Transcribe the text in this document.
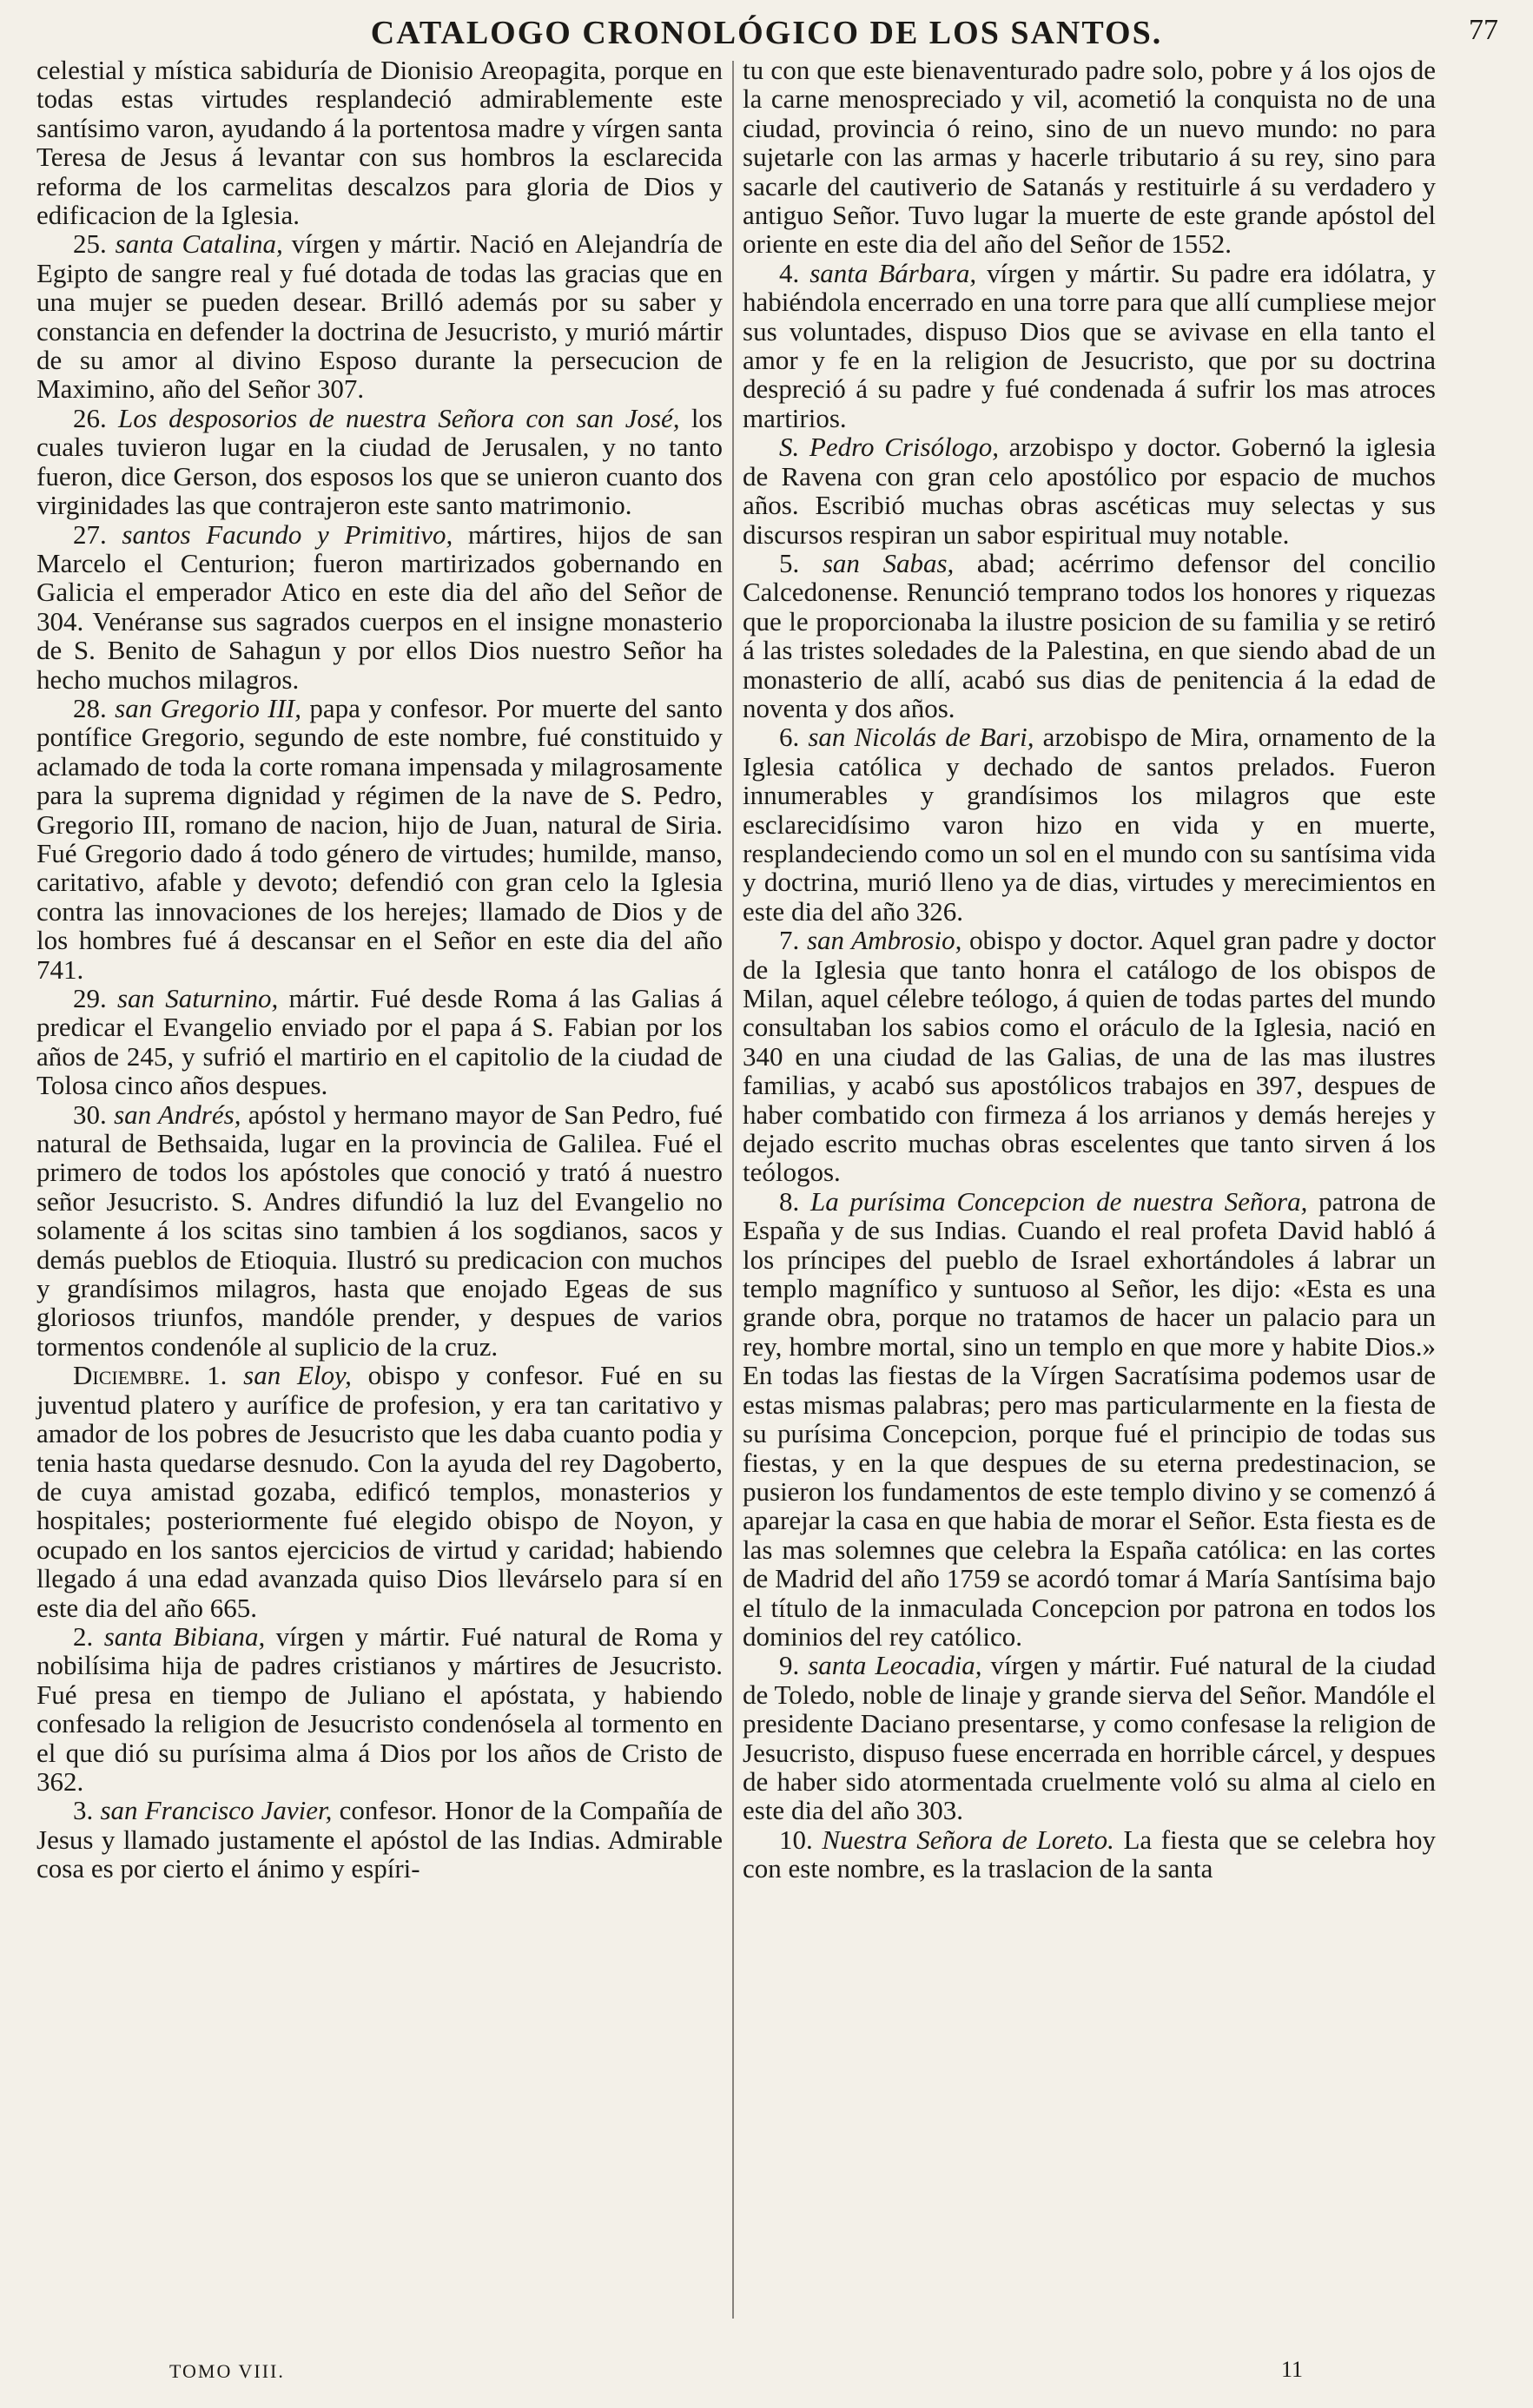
CATALOGO CRONOLÓGICO DE LOS SANTOS.	77

celestial y mística sabiduría de Dionisio Areopagita, porque en todas estas virtudes resplandeció admirablemente este santísimo varon, ayudando á la portentosa madre y vírgen santa Teresa de Jesus á levantar con sus hombros la esclarecida reforma de los carmelitas descalzos para gloria de Dios y edificacion de la Iglesia.

25. santa Catalina, vírgen y mártir. Nació en Alejandría de Egipto de sangre real y fué dotada de todas las gracias que en una mujer se pueden desear. Brilló además por su saber y constancia en defender la doctrina de Jesucristo, y murió mártir de su amor al divino Esposo durante la persecucion de Maximino, año del Señor 307.

26. Los desposorios de nuestra Señora con san José, los cuales tuvieron lugar en la ciudad de Jerusalen, y no tanto fueron, dice Gerson, dos esposos los que se unieron cuanto dos virginidades las que contrajeron este santo matrimonio.

27. santos Facundo y Primitivo, mártires, hijos de san Marcelo el Centurion; fueron martirizados gobernando en Galicia el emperador Atico en este dia del año del Señor de 304. Venéranse sus sagrados cuerpos en el insigne monasterio de S. Benito de Sahagun y por ellos Dios nuestro Señor ha hecho muchos milagros.

28. san Gregorio III, papa y confesor. Por muerte del santo pontífice Gregorio, segundo de este nombre, fué constituido y aclamado de toda la corte romana impensada y milagrosamente para la suprema dignidad y régimen de la nave de S. Pedro, Gregorio III, romano de nacion, hijo de Juan, natural de Siria. Fué Gregorio dado á todo género de virtudes; humilde, manso, caritativo, afable y devoto; defendió con gran celo la Iglesia contra las innovaciones de los herejes; llamado de Dios y de los hombres fué á descansar en el Señor en este dia del año 741.

29. san Saturnino, mártir. Fué desde Roma á las Galias á predicar el Evangelio enviado por el papa á S. Fabian por los años de 245, y sufrió el martirio en el capitolio de la ciudad de Tolosa cinco años despues.

30. san Andrés, apóstol y hermano mayor de San Pedro, fué natural de Bethsaida, lugar en la provincia de Galilea. Fué el primero de todos los apóstoles que conoció y trató á nuestro señor Jesucristo. S. Andres difundió la luz del Evangelio no solamente á los scitas sino tambien á los sogdianos, sacos y demás pueblos de Etioquia. Ilustró su predicacion con muchos y grandísimos milagros, hasta que enojado Egeas de sus gloriosos triunfos, mandóle prender, y despues de varios tormentos condenóle al suplicio de la cruz.

Diciembre. 1. san Eloy, obispo y confesor. Fué en su juventud platero y aurífice de profesion, y era tan caritativo y amador de los pobres de Jesucristo que les daba cuanto podia y tenia hasta quedarse desnudo. Con la ayuda del rey Dagoberto, de cuya amistad gozaba, edificó templos, monasterios y hospitales; posteriormente fué elegido obispo de Noyon, y ocupado en los santos ejercicios de virtud y caridad; habiendo llegado á una edad avanzada quiso Dios llevárselo para sí en este dia del año 665.

2. santa Bibiana, vírgen y mártir. Fué natural de Roma y nobilísima hija de padres cristianos y mártires de Jesucristo. Fué presa en tiempo de Juliano el apóstata, y habiendo confesado la religion de Jesucristo condenósela al tormento en el que dió su purísima alma á Dios por los años de Cristo de 362.

3. san Francisco Javier, confesor. Honor de la Compañía de Jesus y llamado justamente el apóstol de las Indias. Admirable cosa es por cierto el ánimo y espíri-

tu con que este bienaventurado padre solo, pobre y á los ojos de la carne menospreciado y vil, acometió la conquista no de una ciudad, provincia ó reino, sino de un nuevo mundo: no para sujetarle con las armas y hacerle tributario á su rey, sino para sacarle del cautiverio de Satanás y restituirle á su verdadero y antiguo Señor. Tuvo lugar la muerte de este grande apóstol del oriente en este dia del año del Señor de 1552.

4. santa Bárbara, vírgen y mártir. Su padre era idólatra, y habiéndola encerrado en una torre para que allí cumpliese mejor sus voluntades, dispuso Dios que se avivase en ella tanto el amor y fe en la religion de Jesucristo, que por su doctrina despreció á su padre y fué condenada á sufrir los mas atroces martirios.

S. Pedro Crisólogo, arzobispo y doctor. Gobernó la iglesia de Ravena con gran celo apostólico por espacio de muchos años. Escribió muchas obras ascéticas muy selectas y sus discursos respiran un sabor espiritual muy notable.

5. san Sabas, abad; acérrimo defensor del concilio Calcedonense. Renunció temprano todos los honores y riquezas que le proporcionaba la ilustre posicion de su familia y se retiró á las tristes soledades de la Palestina, en que siendo abad de un monasterio de allí, acabó sus dias de penitencia á la edad de noventa y dos años.

6. san Nicolás de Bari, arzobispo de Mira, ornamento de la Iglesia católica y dechado de santos prelados. Fueron innumerables y grandísimos los milagros que este esclarecidísimo varon hizo en vida y en muerte, resplandeciendo como un sol en el mundo con su santísima vida y doctrina, murió lleno ya de dias, virtudes y merecimientos en este dia del año 326.

7. san Ambrosio, obispo y doctor. Aquel gran padre y doctor de la Iglesia que tanto honra el catálogo de los obispos de Milan, aquel célebre teólogo, á quien de todas partes del mundo consultaban los sabios como el oráculo de la Iglesia, nació en 340 en una ciudad de las Galias, de una de las mas ilustres familias, y acabó sus apostólicos trabajos en 397, despues de haber combatido con firmeza á los arrianos y demás herejes y dejado escrito muchas obras escelentes que tanto sirven á los teólogos.

8. La purísima Concepcion de nuestra Señora, patrona de España y de sus Indias. Cuando el real profeta David habló á los príncipes del pueblo de Israel exhortándoles á labrar un templo magnífico y suntuoso al Señor, les dijo: «Esta es una grande obra, porque no tratamos de hacer un palacio para un rey, hombre mortal, sino un templo en que more y habite Dios.» En todas las fiestas de la Vírgen Sacratísima podemos usar de estas mismas palabras; pero mas particularmente en la fiesta de su purísima Concepcion, porque fué el principio de todas sus fiestas, y en la que despues de su eterna predestinacion, se pusieron los fundamentos de este templo divino y se comenzó á aparejar la casa en que habia de morar el Señor. Esta fiesta es de las mas solemnes que celebra la España católica: en las cortes de Madrid del año 1759 se acordó tomar á María Santísima bajo el título de la inmaculada Concepcion por patrona en todos los dominios del rey católico.

9. santa Leocadia, vírgen y mártir. Fué natural de la ciudad de Toledo, noble de linaje y grande sierva del Señor. Mandóle el presidente Daciano presentarse, y como confesase la religion de Jesucristo, dispuso fuese encerrada en horrible cárcel, y despues de haber sido atormentada cruelmente voló su alma al cielo en este dia del año 303.

10. Nuestra Señora de Loreto. La fiesta que se celebra hoy con este nombre, es la traslacion de la santa

TOMO VIII.	11
